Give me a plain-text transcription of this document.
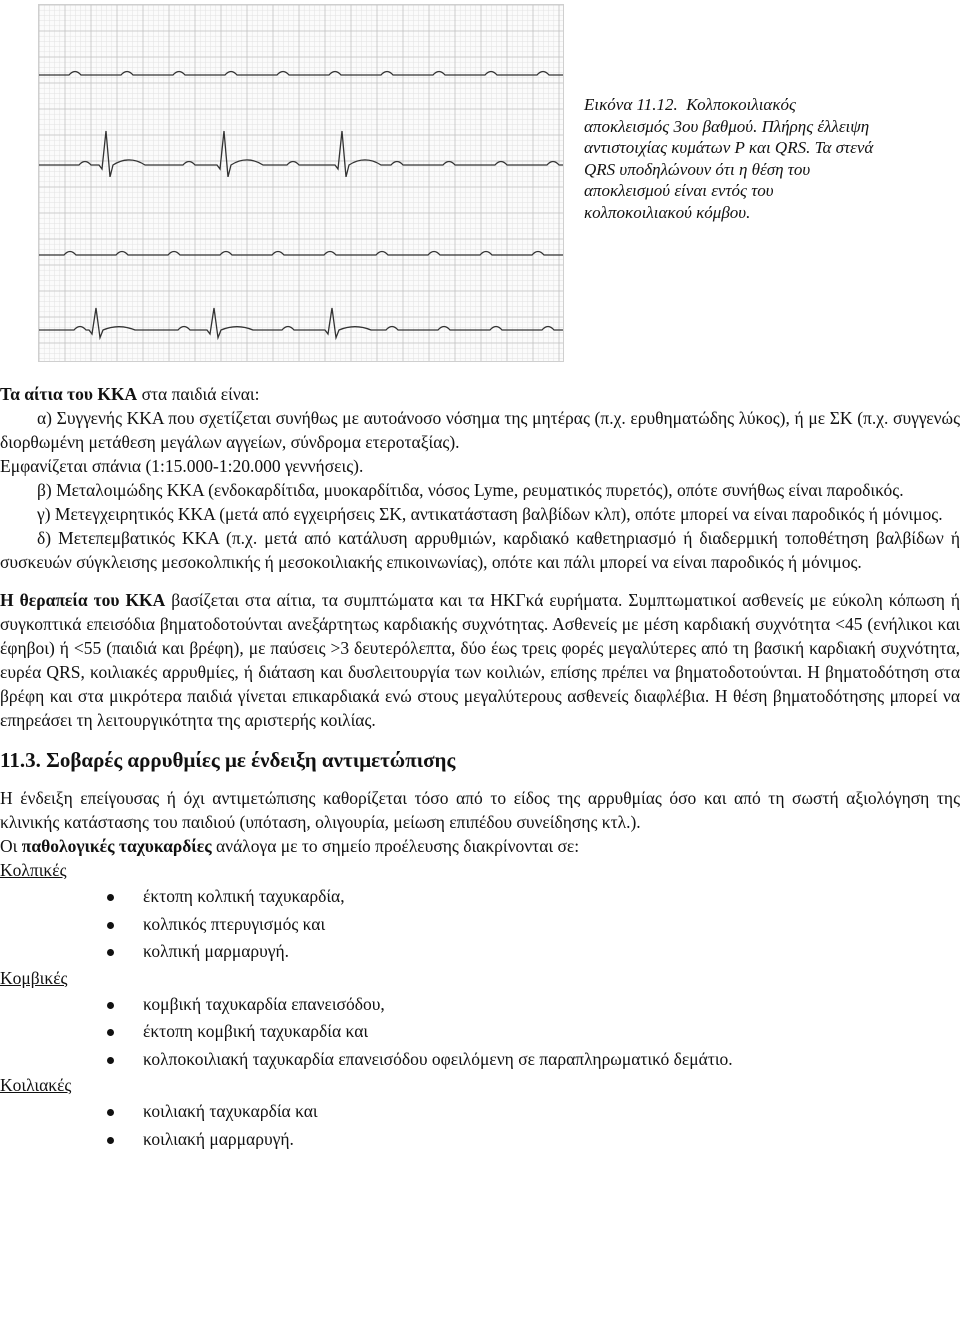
Εικόνα 11.12. Κολποκοιλιακός αποκλεισμός 3ου βαθμού. Πλήρης έλλειψη αντιστοιχίας κυμάτων P και QRS. Τα στενά QRS υποδηλώνουν ότι η θέση του αποκλεισμού είναι εντός του κολποκοιλιακού κόμβου.

Τα αίτια του ΚΚΑ στα παιδιά είναι:

α) Συγγενής ΚΚΑ που σχετίζεται συνήθως με αυτοάνοσο νόσημα της μητέρας (π.χ. ερυθηματώδης λύκος), ή με ΣΚ (π.χ. συγγενώς διορθωμένη μετάθεση μεγάλων αγγείων, σύνδρομα ετεροταξίας).
Εμφανίζεται σπάνια (1:15.000-1:20.000 γεννήσεις).

β) Μεταλοιμώδης ΚΚΑ (ενδοκαρδίτιδα, μυοκαρδίτιδα, νόσος Lyme, ρευματικός πυρετός), οπότε συνήθως είναι παροδικός.

γ) Μετεγχειρητικός ΚΚΑ (μετά από εγχειρήσεις ΣΚ, αντικατάσταση βαλβίδων κλπ), οπότε μπορεί να είναι παροδικός ή μόνιμος.

δ) Μετεπεμβατικός ΚΚΑ (π.χ. μετά από κατάλυση αρρυθμιών, καρδιακό καθετηριασμό ή διαδερμική τοποθέτηση βαλβίδων ή συσκευών σύγκλεισης μεσοκολπικής ή μεσοκοιλιακής επικοινωνίας), οπότε και πάλι μπορεί να είναι παροδικός ή μόνιμος.

Η θεραπεία του ΚΚΑ βασίζεται στα αίτια, τα συμπτώματα και τα ΗΚΓκά ευρήματα. Συμπτωματικοί ασθενείς με εύκολη κόπωση ή συγκοπτικά επεισόδια βηματοδοτούνται ανεξάρτητως καρδιακής συχνότητας. Ασθενείς με μέση καρδιακή συχνότητα <45 (ενήλικοι και έφηβοι) ή <55 (παιδιά και βρέφη), με παύσεις >3 δευτερόλεπτα, δύο έως τρεις φορές μεγαλύτερες από τη βασική καρδιακή συχνότητα, ευρέα QRS, κοιλιακές αρρυθμίες, ή διάταση και δυσλειτουργία των κοιλιών, επίσης πρέπει να βηματοδοτούνται. Η βηματοδότηση στα βρέφη και στα μικρότερα παιδιά γίνεται επικαρδιακά ενώ στους μεγαλύτερους ασθενείς διαφλέβια. Η θέση βηματοδότησης μπορεί να επηρεάσει τη λειτουργικότητα της αριστερής κοιλίας.

11.3. Σοβαρές αρρυθμίες με ένδειξη αντιμετώπισης

Η ένδειξη επείγουσας ή όχι αντιμετώπισης καθορίζεται τόσο από το είδος της αρρυθμίας όσο και από τη σωστή αξιολόγηση της κλινικής κατάστασης του παιδιού (υπόταση, ολιγουρία, μείωση επιπέδου συνείδησης κτλ.).

Οι παθολογικές ταχυκαρδίες ανάλογα με το σημείο προέλευσης διακρίνονται σε:

Κολπικές

έκτοπη κολπική ταχυκαρδία,
κολπικός πτερυγισμός και
κολπική μαρμαρυγή.

Κομβικές

κομβική ταχυκαρδία επανεισόδου,
έκτοπη κομβική ταχυκαρδία και
κολποκοιλιακή ταχυκαρδία επανεισόδου οφειλόμενη σε παραπληρωματικό δεμάτιο.

Κοιλιακές

κοιλιακή ταχυκαρδία και
κοιλιακή μαρμαρυγή.
